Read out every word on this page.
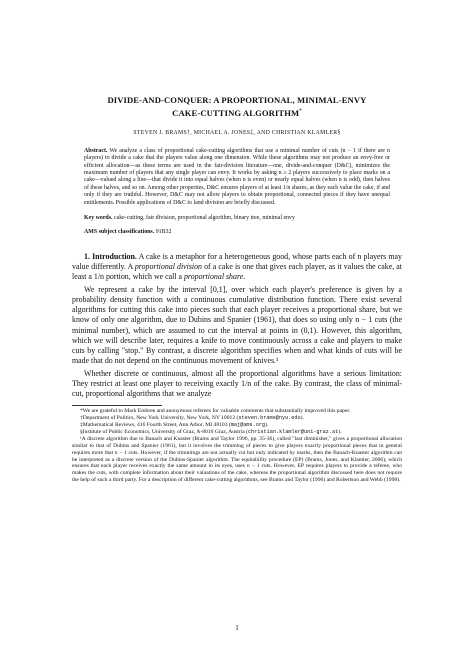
DIVIDE-AND-CONQUER: A PROPORTIONAL, MINIMAL-ENVY
CAKE-CUTTING ALGORITHM*
STEVEN J. BRAMS†, MICHAEL A. JONES‡, AND CHRISTIAN KLAMLER§
Abstract. We analyze a class of proportional cake-cutting algorithms that use a minimal number of cuts (n − 1 if there are n players) to divide a cake that the players value along one dimension. While these algorithms may not produce an envy-free or efficient allocation—as these terms are used in the fair-division literature—one, divide-and-conquer (D&C), minimizes the maximum number of players that any single player can envy. It works by asking n ≥ 2 players successively to place marks on a cake—valued along a line—that divide it into equal halves (when n is even) or nearly equal halves (when n is odd), then halves of these halves, and so on. Among other properties, D&C ensures players of at least 1/n shares, as they each value the cake, if and only if they are truthful. However, D&C may not allow players to obtain proportional, connected pieces if they have unequal entitlements. Possible applications of D&C to land division are briefly discussed.
Key words. cake-cutting, fair division, proportional algorithm, binary tree, minimal envy
AMS subject classifications. 91B32

1. Introduction. A cake is a metaphor for a heterogeneous good, whose parts each of n players may value differently. A proportional division of a cake is one that gives each player, as it values the cake, at least a 1/n portion, which we call a proportional share.

We represent a cake by the interval [0,1], over which each player's preference is given by a probability density function with a continuous cumulative distribution function. There exist several algorithms for cutting this cake into pieces such that each player receives a proportional share, but we know of only one algorithm, due to Dubins and Spanier (1961), that does so using only n − 1 cuts (the minimal number), which are assumed to cut the interval at points in (0,1). However, this algorithm, which we will describe later, requires a knife to move continuously across a cake and players to make cuts by calling "stop." By contrast, a discrete algorithm specifies when and what kinds of cuts will be made that do not depend on the continuous movement of knives.¹

Whether discrete or continuous, almost all the proportional algorithms have a serious limitation: They restrict at least one player to receiving exactly 1/n of the cake. By contrast, the class of minimal-cut, proportional algorithms that we analyze

*We are grateful to Mark Embree and anonymous referees for valuable comments that substantially improved this paper.

†Department of Politics, New York University, New York, NY 10012 (steven.brams@nyu.edu).

‡Mathematical Reviews, 416 Fourth Street, Ann Arbor, MI 48103 (maj@ams.org).

§Institute of Public Economics, University of Graz, A-8010 Graz, Austria (christian.klamler@uni-graz.at).

¹A discrete algorithm due to Banach and Knaster (Brams and Taylor 1996, pp. 35-36), called "last diminisher," gives a proportional allocation similar to that of Dubins and Spanier (1961), but it involves the trimming of pieces to give players exactly proportional pieces that in general requires more that n − 1 cuts. However, if the trimmings are not actually cut but only indicated by marks, then the Banach-Knaster algorithm can be interpreted as a discrete version of the Dubins-Spanier algorithm. The equitability procedure (EP) (Brams, Jones, and Klamler, 2006), which ensures that each player receives exactly the same amount in its eyes, uses n − 1 cuts. However, EP requires players to provide a referee, who makes the cuts, with complete information about their valuations of the cake, whereas the proportional algorithm discussed here does not require the help of such a third party. For a description of different cake-cutting algorithms, see Brams and Taylor (1996) and Robertson and Webb (1998).

1
